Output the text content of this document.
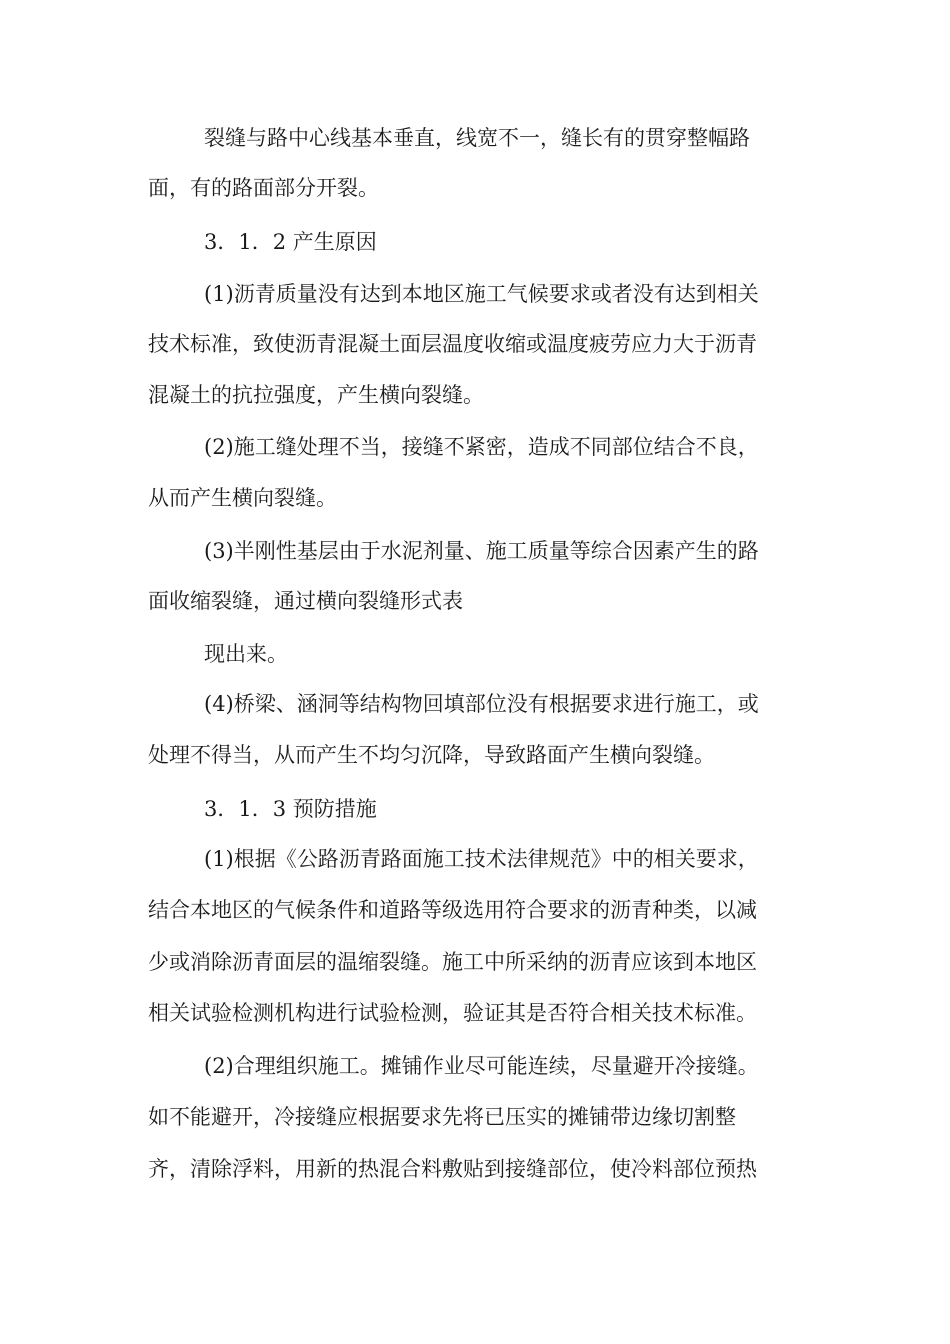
裂缝与路中心线基本垂直，线宽不一，缝长有的贯穿整幅路
面，有的路面部分开裂。
3．1．2 产生原因
(1)沥青质量没有达到本地区施工气候要求或者没有达到相关
技术标准，致使沥青混凝土面层温度收缩或温度疲劳应力大于沥青
混凝土的抗拉强度，产生横向裂缝。
(2)施工缝处理不当，接缝不紧密，造成不同部位结合不良，
从而产生横向裂缝。
(3)半刚性基层由于水泥剂量、施工质量等综合因素产生的路
面收缩裂缝，通过横向裂缝形式表
现出来。
(4)桥梁、涵洞等结构物回填部位没有根据要求进行施工，或
处理不得当，从而产生不均匀沉降，导致路面产生横向裂缝。
3．1．3 预防措施
(1)根据《公路沥青路面施工技术法律规范》中的相关要求，
结合本地区的气候条件和道路等级选用符合要求的沥青种类，以减
少或消除沥青面层的温缩裂缝。施工中所采纳的沥青应该到本地区
相关试验检测机构进行试验检测，验证其是否符合相关技术标准。
(2)合理组织施工。摊铺作业尽可能连续，尽量避开冷接缝。
如不能避开，冷接缝应根据要求先将已压实的摊铺带边缘切割整
齐，清除浮料，用新的热混合料敷贴到接缝部位，使冷料部位预热
